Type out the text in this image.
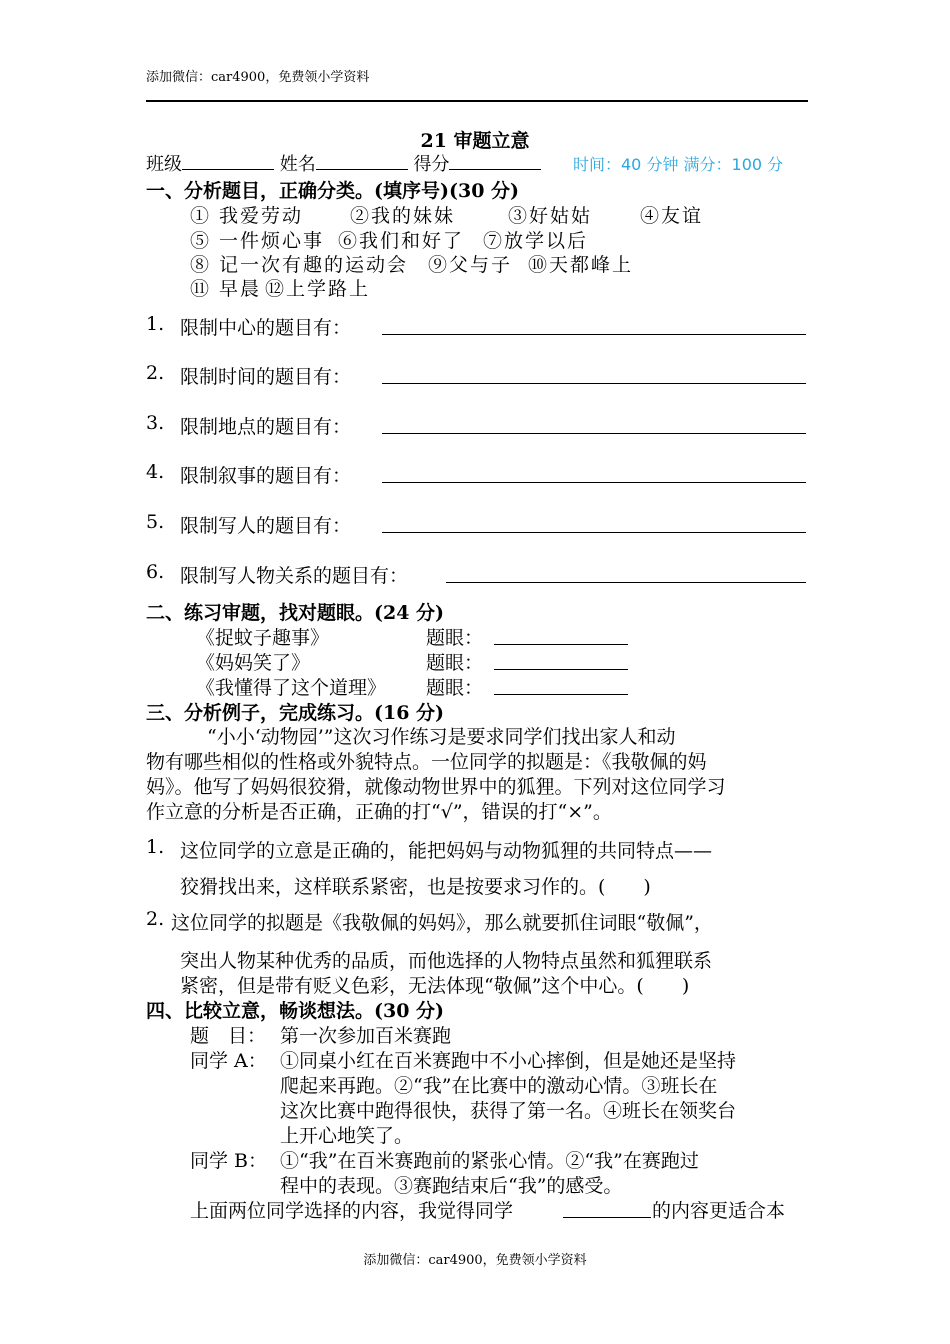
添加微信：car4900，免费领小学资料
21 审题立意
班级	姓名	得分	时间：40 分钟 满分：100 分
一、分析题目，正确分类。(填序号)(30 分)
① 我爱劳动 ②我的妹妹	③好姑姑	④友谊
⑤ 一件烦心事 ⑥我们和好了 ⑦放学以后
⑧ 记一次有趣的运动会 ⑨父与子 ⑩天都峰上
⑪ 早晨 ⑫上学路上
1. 限制中心的题目有：
2. 限制时间的题目有：
3. 限制地点的题目有：
4. 限制叙事的题目有：
5. 限制写人的题目有：
6. 限制写人物关系的题目有：
二、练习审题，找对题眼。(24 分)
《捉蚊子趣事》	题眼：
《妈妈笑了》	题眼：
《我懂得了这个道理》 题眼：
三、分析例子，完成练习。(16 分)
“小小‘动物园’”这次习作练习是要求同学们找出家人和动
物有哪些相似的性格或外貌特点。一位同学的拟题是：《我敬佩的妈
妈》。他写了妈妈很狡猾，就像动物世界中的狐狸。下列对这位同学习
作立意的分析是否正确，正确的打“√”，错误的打“×”。
1. 这位同学的立意是正确的，能把妈妈与动物狐狸的共同特点——
狡猾找出来，这样联系紧密，也是按要求习作的。(　　)
2. 这位同学的拟题是《我敬佩的妈妈》，那么就要抓住词眼“敬佩”，
突出人物某种优秀的品质，而他选择的人物特点虽然和狐狸联系
紧密，但是带有贬义色彩，无法体现“敬佩”这个中心。(　　)
四、比较立意，畅谈想法。(30 分)
题　目： 第一次参加百米赛跑
同学 A： ①同桌小红在百米赛跑中不小心摔倒，但是她还是坚持
爬起来再跑。②“我”在比赛中的激动心情。③班长在
这次比赛中跑得很快，获得了第一名。④班长在领奖台
上开心地笑了。
同学 B： ①“我”在百米赛跑前的紧张心情。②“我”在赛跑过
程中的表现。③赛跑结束后“我”的感受。
上面两位同学选择的内容，我觉得同学	的内容更适合本
添加微信：car4900，免费领小学资料
